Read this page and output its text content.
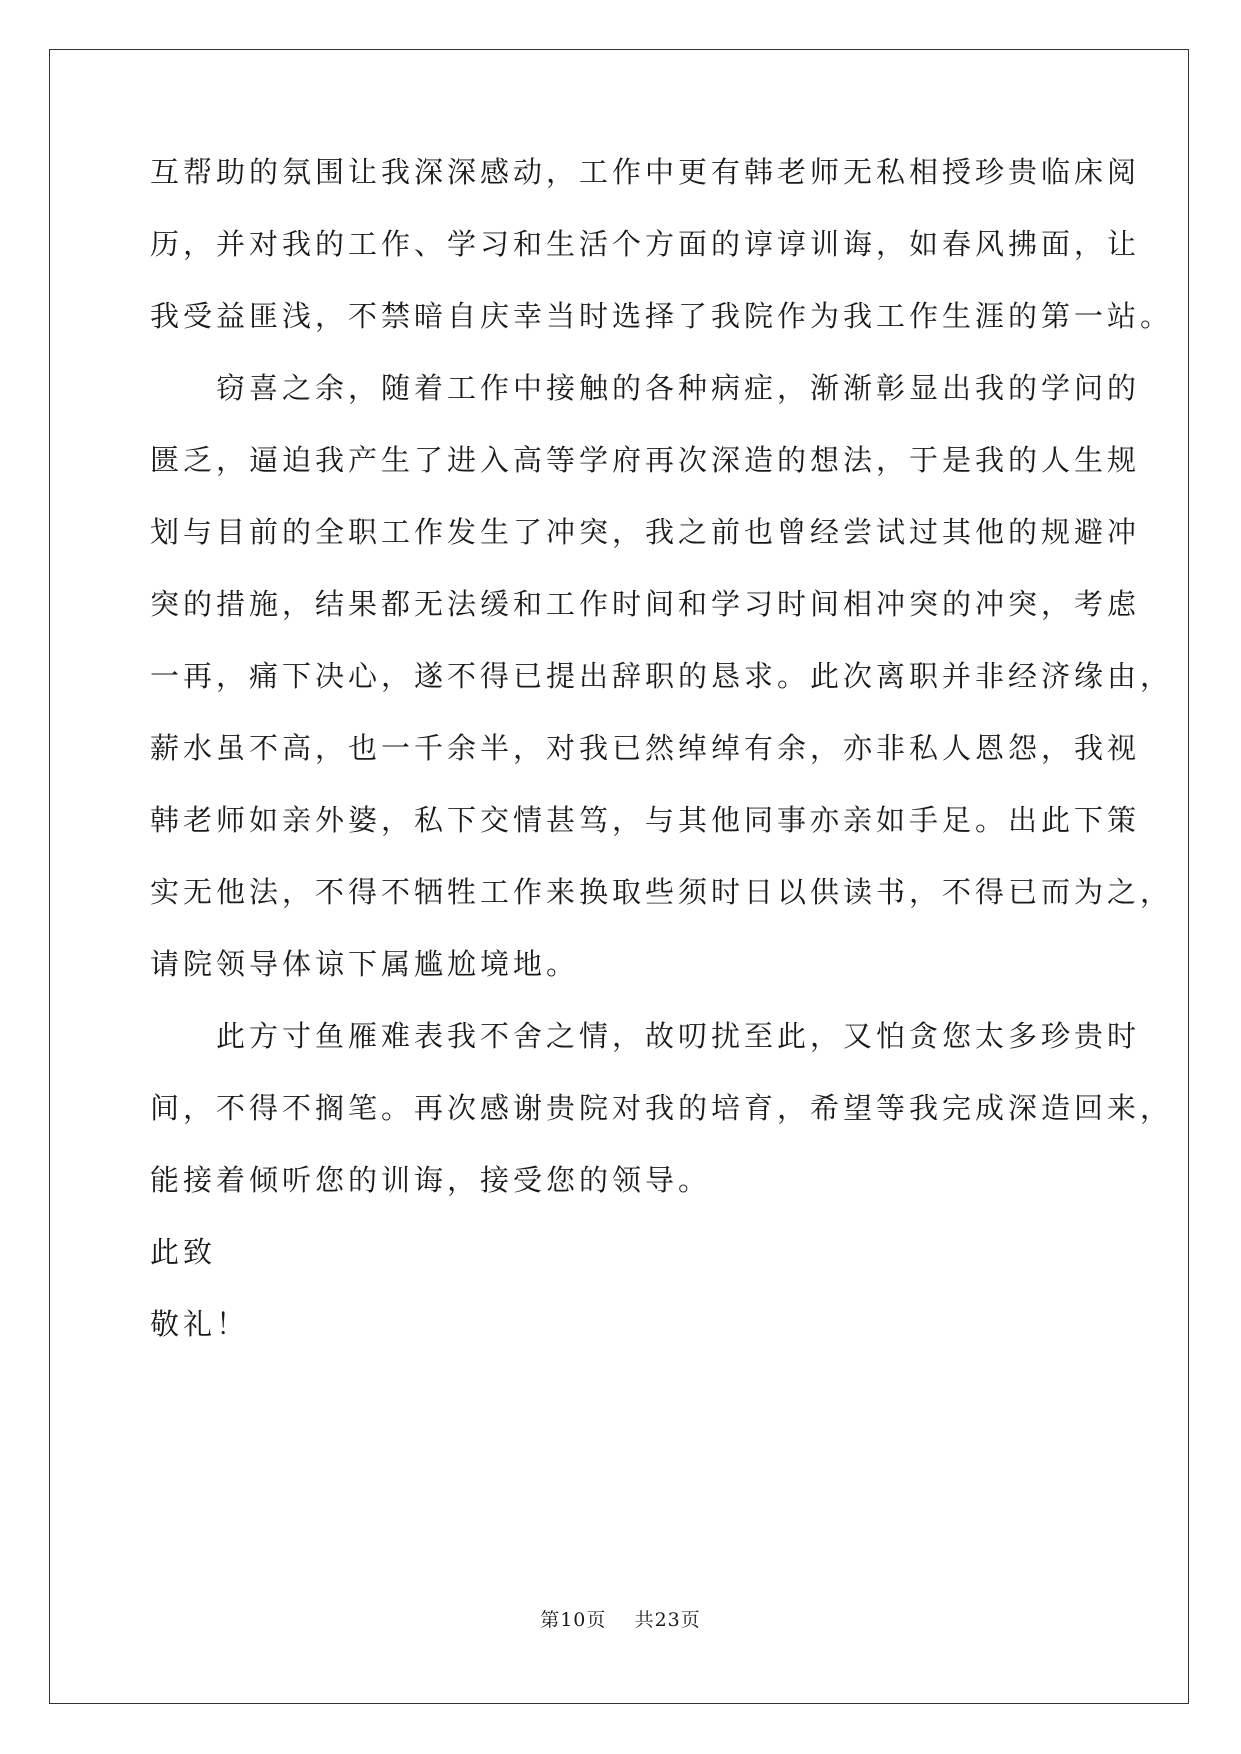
互帮助的氛围让我深深感动，工作中更有韩老师无私相授珍贵临床阅
历，并对我的工作、学习和生活个方面的谆谆训诲，如春风拂面，让
我受益匪浅，不禁暗自庆幸当时选择了我院作为我工作生涯的第一站。
　　窃喜之余，随着工作中接触的各种病症，渐渐彰显出我的学问的
匮乏，逼迫我产生了进入高等学府再次深造的想法，于是我的人生规
划与目前的全职工作发生了冲突，我之前也曾经尝试过其他的规避冲
突的措施，结果都无法缓和工作时间和学习时间相冲突的冲突，考虑
一再，痛下决心，遂不得已提出辞职的恳求。此次离职并非经济缘由，
薪水虽不高，也一千余半，对我已然绰绰有余，亦非私人恩怨，我视
韩老师如亲外婆，私下交情甚笃，与其他同事亦亲如手足。出此下策
实无他法，不得不牺牲工作来换取些须时日以供读书，不得已而为之，
请院领导体谅下属尴尬境地。
　　此方寸鱼雁难表我不舍之情，故叨扰至此，又怕贪您太多珍贵时
间，不得不搁笔。再次感谢贵院对我的培育，希望等我完成深造回来，
能接着倾听您的训诲，接受您的领导。
此致
敬礼！
第10页 共23页
